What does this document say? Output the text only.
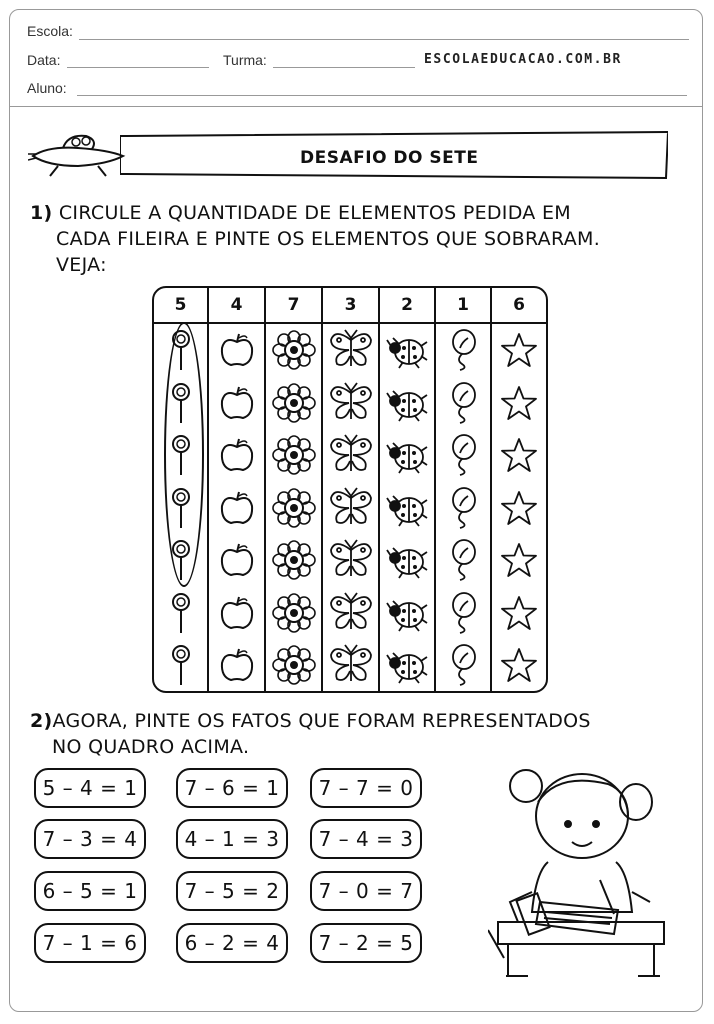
Escola:
Data:	Turma:
Aluno:
ESCOLAEDUCACAO.COM.BR
DESAFIO DO SETE
1) CIRCULE A QUANTIDADE DE ELEMENTOS PEDIDA EM
CADA FILEIRA E PINTE OS ELEMENTOS QUE SOBRARAM.
VEJA:
5	4	7	3	2	1	6
2)AGORA, PINTE OS FATOS QUE FORAM REPRESENTADOS
NO QUADRO ACIMA.
5 – 4 = 1	7 – 6 = 1	7 – 7 = 0
7 – 3 = 4	4 – 1 = 3	7 – 4 = 3
6 – 5 = 1	7 – 5 = 2	7 – 0 = 7
7 – 1 = 6	6 – 2 = 4	7 – 2 = 5
